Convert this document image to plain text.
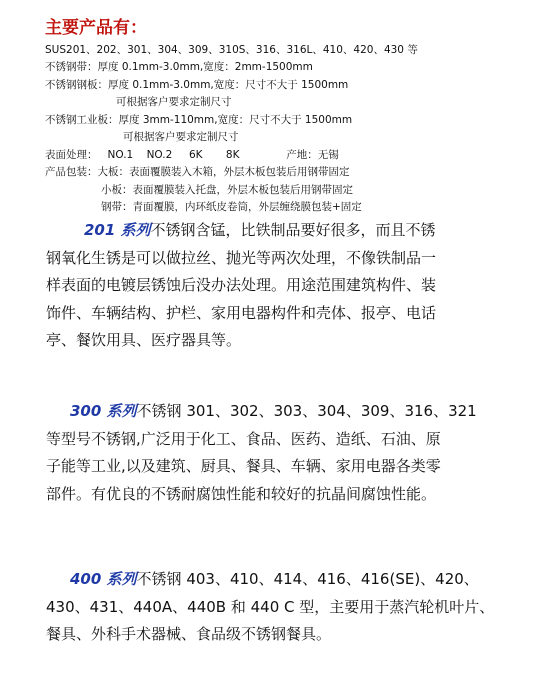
主要产品有：
SUS201、202、301、304、309、310S、316、316L、410、420、430 等
不锈钢带：厚度 0.1mm-3.0mm,宽度：2mm-1500mm
不锈钢钢板：厚度 0.1mm-3.0mm,宽度：尺寸不大于 1500mm
可根据客户要求定制尺寸
不锈钢工业板：厚度 3mm-110mm,宽度：尺寸不大于 1500mm
可根据客户要求定制尺寸
表面处理：   NO.1    NO.2     6K       8K              产地：无锡
产品包装：大板：表面覆膜装入木箱，外层木板包装后用钢带固定
小板：表面覆膜装入托盘，外层木板包装后用钢带固定
钢带：青面覆膜，内环纸皮卷筒，外层缠绕膜包装+固定
201 系列不锈钢含锰，比铁制品要好很多，而且不锈
钢氧化生锈是可以做拉丝、抛光等两次处理，不像铁制品一
样表面的电镀层锈蚀后没办法处理。用途范围建筑构件、装
饰件、车辆结构、护栏、家用电器构件和壳体、报亭、电话
亭、餐饮用具、医疗器具等。
300 系列不锈钢 301、302、303、304、309、316、321
等型号不锈钢,广泛用于化工、食品、医药、造纸、石油、原
子能等工业,以及建筑、厨具、餐具、车辆、家用电器各类零
部件。有优良的不锈耐腐蚀性能和较好的抗晶间腐蚀性能。
400 系列不锈钢 403、410、414、416、416(SE)、420、
430、431、440A、440B 和 440 C 型，主要用于蒸汽轮机叶片、
餐具、外科手术器械、食品级不锈钢餐具。
